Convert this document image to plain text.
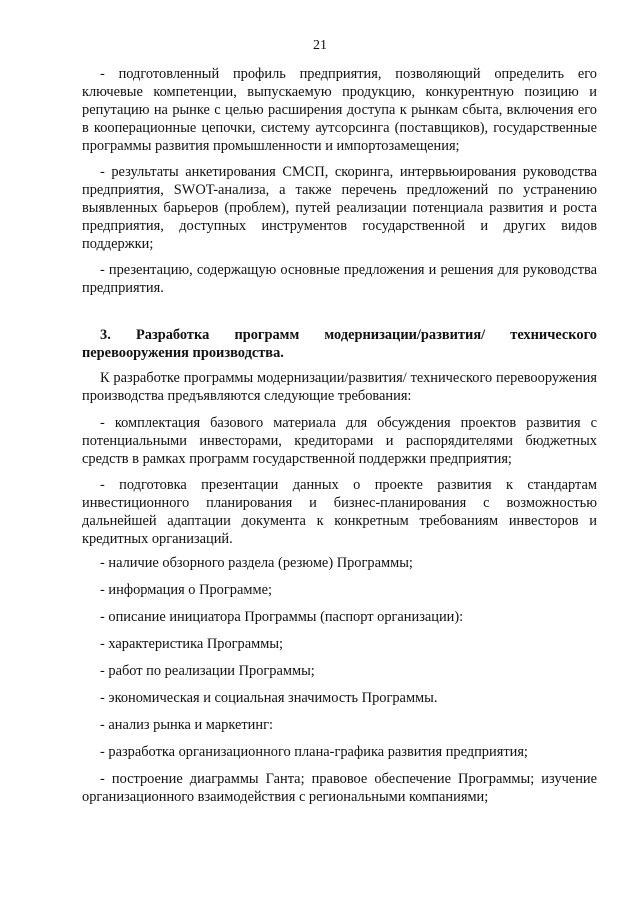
21

- подготовленный профиль предприятия, позволяющий определить его ключевые компетенции, выпускаемую продукцию, конкурентную позицию и репутацию на рынке с целью расширения доступа к рынкам сбыта, включения его в кооперационные цепочки, систему аутсорсинга (поставщиков), государственные программы развития промышленности и импортозамещения;

- результаты анкетирования СМСП, скоринга, интервьюирования руководства предприятия, SWOT-анализа, а также перечень предложений по устранению выявленных барьеров (проблем), путей реализации потенциала развития и роста предприятия, доступных инструментов государственной и других видов поддержки;

- презентацию, содержащую основные предложения и решения для руководства предприятия.

3. Разработка программ модернизации/развития/ технического
перевооружения производства.

К разработке программы модернизации/развития/ технического перевооружения производства предъявляются следующие требования:

- комплектация базового материала для обсуждения проектов развития с потенциальными инвесторами, кредиторами и распорядителями бюджетных средств в рамках программ государственной поддержки предприятия;

- подготовка презентации данных о проекте развития к стандартам инвестиционного планирования и бизнес-планирования с возможностью дальнейшей адаптации документа к конкретным требованиям инвесторов и кредитных организаций.

- наличие обзорного раздела (резюме) Программы;

- информация о Программе;

- описание инициатора Программы (паспорт организации):

- характеристика Программы;

- работ по реализации Программы;

- экономическая и социальная значимость Программы.

- анализ рынка и маркетинг:

- разработка организационного плана-графика развития предприятия;

- построение диаграммы Ганта; правовое обеспечение Программы; изучение организационного взаимодействия с региональными компаниями;
